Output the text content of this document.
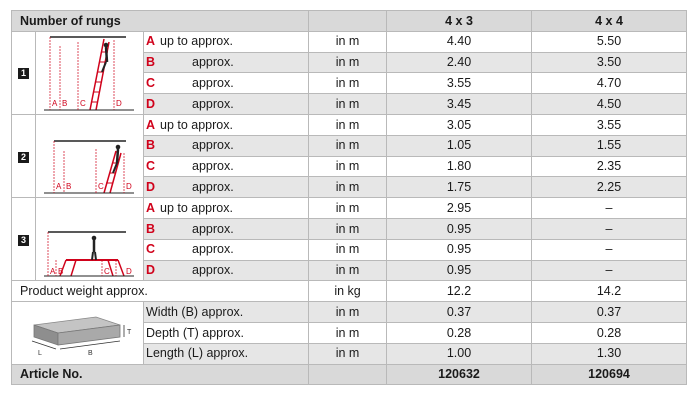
Number of rungs				4 x 3	4 x 4
1	A B C D	A up to approx.	in m	4.40	5.50
		B approx.	in m	2.40	3.50
		C approx.	in m	3.55	4.70
		D approx.	in m	3.45	4.50
2	A B C D	A up to approx.	in m	3.05	3.55
		B approx.	in m	1.05	1.55
		C approx.	in m	1.80	2.35
		D approx.	in m	1.75	2.25
3	A B C D	A up to approx.	in m	2.95	–
		B approx.	in m	0.95	–
		C approx.	in m	0.95	–
		D approx.	in m	0.95	–
Product weight approx.			in kg	12.2	14.2

T
L B		Width (B) approx.	in m	0.37	0.37
		Depth (T) approx.	in m	0.28	0.28
		Length (L) approx.	in m	1.00	1.30
Article No.				120632	120694
